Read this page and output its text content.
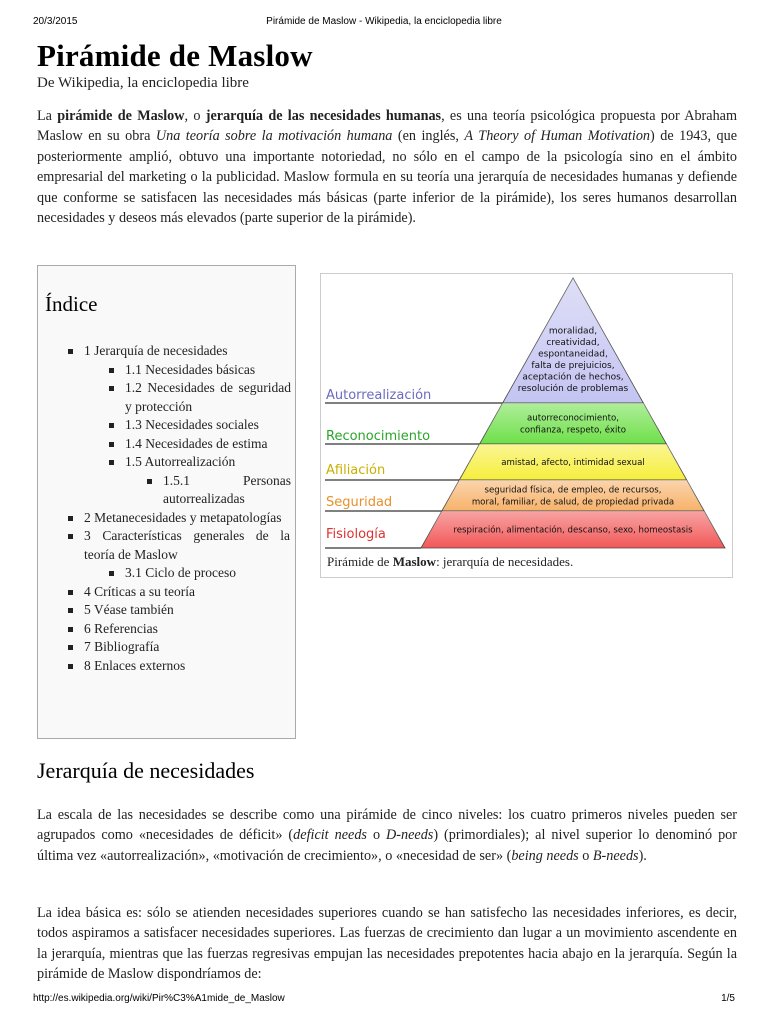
20/3/2015	Pirámide de Maslow - Wikipedia, la enciclopedia libre
Pirámide de Maslow
De Wikipedia, la enciclopedia libre
La pirámide de Maslow, o jerarquía de las necesidades humanas, es una teoría psicológica propuesta por Abraham Maslow en su obra Una teoría sobre la motivación humana (en inglés, A Theory of Human Motivation) de 1943, que posteriormente amplió, obtuvo una importante notoriedad, no sólo en el campo de la psicología sino en el ámbito empresarial del marketing o la publicidad. Maslow formula en su teoría una jerarquía de necesidades humanas y defiende que conforme se satisfacen las necesidades más básicas (parte inferior de la pirámide), los seres humanos desarrollan necesidades y deseos más elevados (parte superior de la pirámide).
Índice
1 Jerarquía de necesidades
1.1 Necesidades básicas
1.2 Necesidades de seguridad y protección
1.3 Necesidades sociales
1.4 Necesidades de estima
1.5 Autorrealización
1.5.1 Personas autorrealizadas
2 Metanecesidades y metapatologías
3 Características generales de la teoría de Maslow
3.1 Ciclo de proceso
4 Críticas a su teoría
5 Véase también
6 Referencias
7 Bibliografía
8 Enlaces externos
Autorrealización
moralidad,
creatividad,
espontaneidad,
falta de prejuicios,
aceptación de hechos,
resolución de problemas
Reconocimiento
autorreconocimiento,
confianza, respeto, éxito
Afiliación	amistad, afecto, intimidad sexual
Seguridad
seguridad física, de empleo, de recursos,
moral, familiar, de salud, de propiedad privada
Fisiología	respiración, alimentación, descanso, sexo, homeostasis
Pirámide de Maslow: jerarquía de necesidades.
Jerarquía de necesidades
La escala de las necesidades se describe como una pirámide de cinco niveles: los cuatro primeros niveles pueden ser agrupados como «necesidades de déficit» (deficit needs o D-needs) (primordiales); al nivel superior lo denominó por última vez «autorrealización», «motivación de crecimiento», o «necesidad de ser» (being needs o B-needs).
La idea básica es: sólo se atienden necesidades superiores cuando se han satisfecho las necesidades inferiores, es decir, todos aspiramos a satisfacer necesidades superiores. Las fuerzas de crecimiento dan lugar a un movimiento ascendente en la jerarquía, mientras que las fuerzas regresivas empujan las necesidades prepotentes hacia abajo en la jerarquía. Según la pirámide de Maslow dispondríamos de:
http://es.wikipedia.org/wiki/Pir%C3%A1mide_de_Maslow	1/5
